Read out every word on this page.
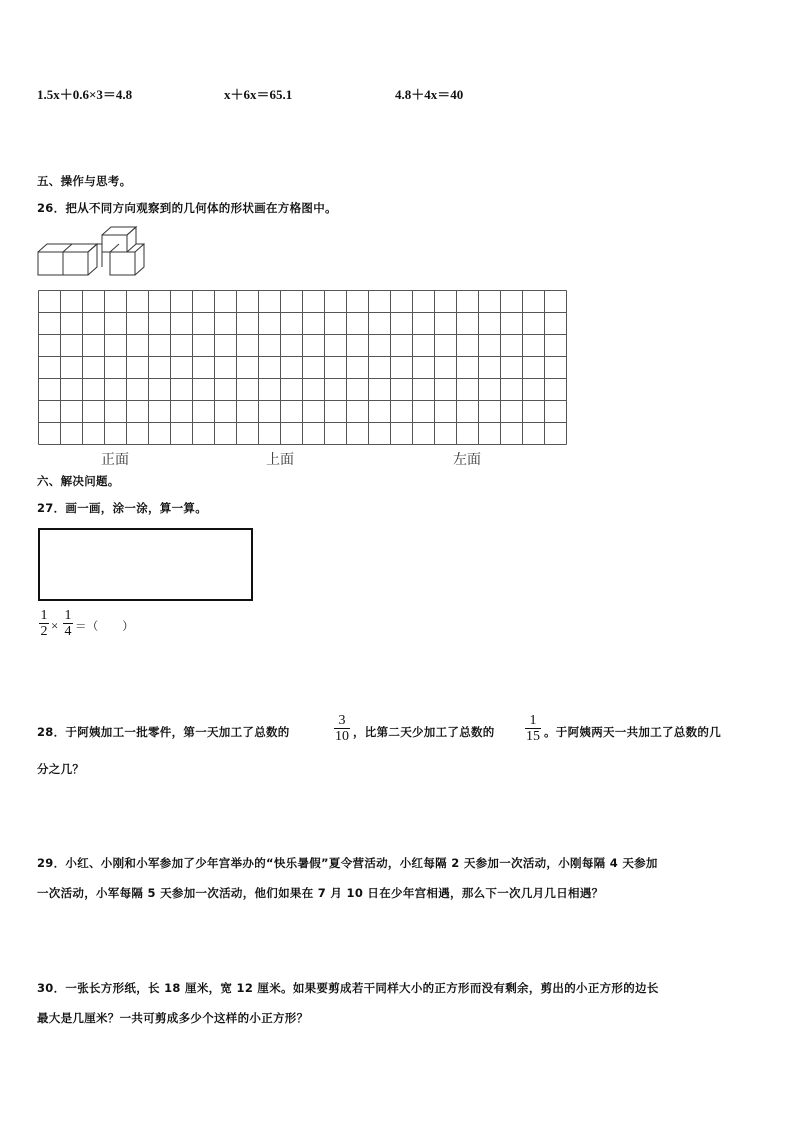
1.5x＋0.6×3＝4.8	x＋6x＝65.1	4.8＋4x＝40
五、操作与思考。
26．把从不同方向观察到的几何体的形状画在方格图中。
正面	上面	左面
六、解决问题。
27．画一画，涂一涂，算一算。
1
2 ×
1
4 ＝（　　）
28．于阿姨加工一批零件，第一天加工了总数的
3
10 ，比第二天少加工了总数的
1
15 。于阿姨两天一共加工了总数的几
分之几？
29．小红、小刚和小军参加了少年宫举办的“快乐暑假”夏令营活动，小红每隔 2 天参加一次活动，小刚每隔 4 天参加
一次活动，小军每隔 5 天参加一次活动，他们如果在 7 月 10 日在少年宫相遇，那么下一次几月几日相遇？
30．一张长方形纸，长 18 厘米，宽 12 厘米。如果要剪成若干同样大小的正方形而没有剩余，剪出的小正方形的边长
最大是几厘米？一共可剪成多少个这样的小正方形？
